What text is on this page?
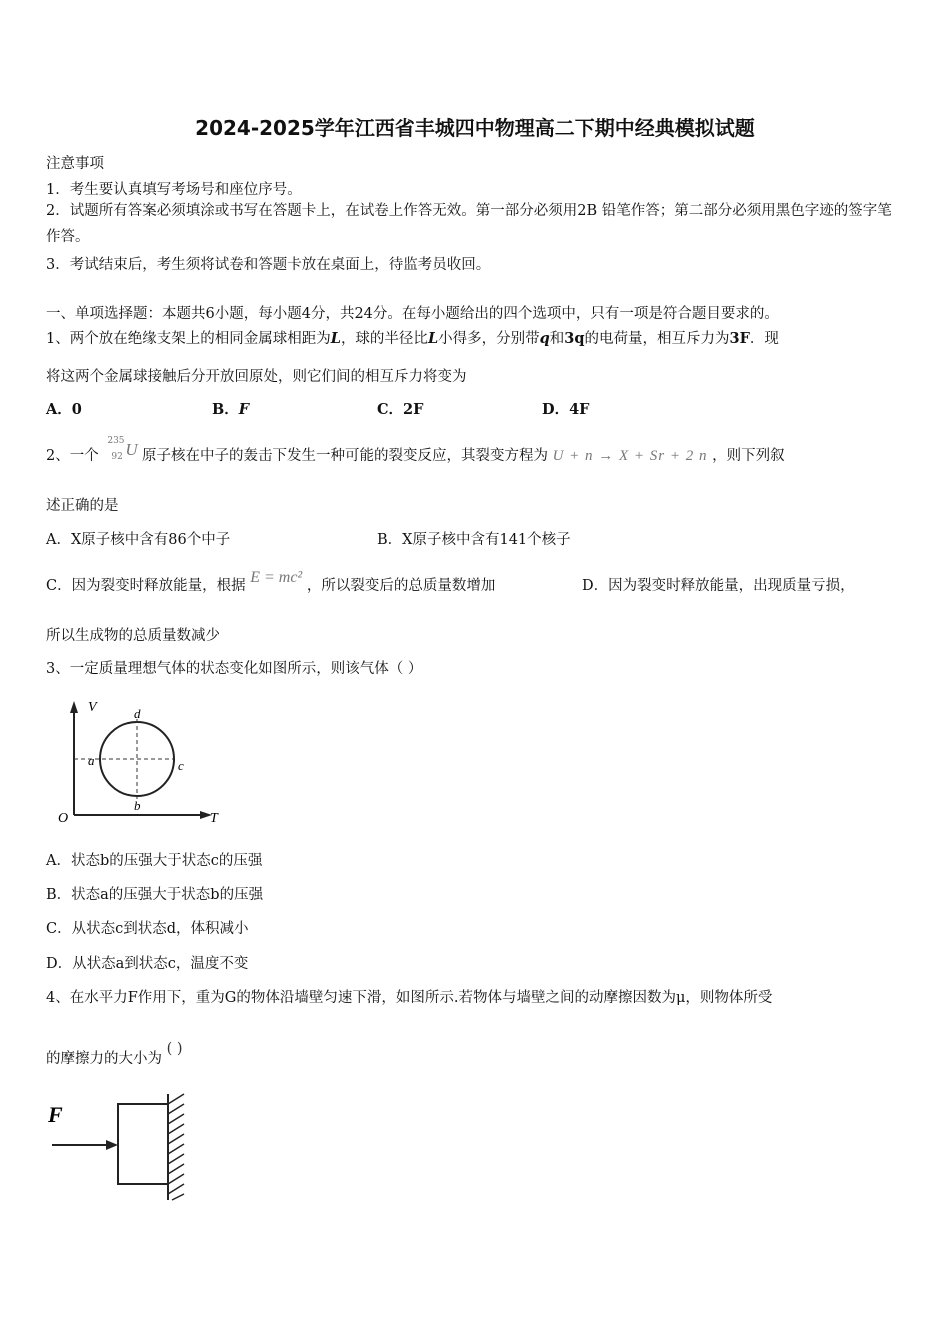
2024-2025学年江西省丰城四中物理高二下期中经典模拟试题
注意事项
1．考生要认真填写考场号和座位序号。
2．试题所有答案必须填涂或书写在答题卡上，在试卷上作答无效。第一部分必须用2B 铅笔作答；第二部分必须用黑色字迹的签字笔作答。
3．考试结束后，考生须将试卷和答题卡放在桌面上，待监考员收回。
一、单项选择题：本题共6小题，每小题4分，共24分。在每小题给出的四个选项中，只有一项是符合题目要求的。
1、两个放在绝缘支架上的相同金属球相距为L，球的半径比L小得多，分别带q和3q的电荷量，相互斥力为3F．现
将这两个金属球接触后分开放回原处，则它们间的相互斥力将变为
A．0	B．F	C．2F	D．4F
2、一个
235
92 U 原子核在中子的轰击下发生一种可能的裂变反应，其裂变方程为 U + n → X + Sr + 2 n ，则下列叙
述正确的是
A．X原子核中含有86个中子	B．X原子核中含有141个核子
C．因为裂变时释放能量，根据 E = mc² ，所以裂变后的总质量数增加	D．因为裂变时释放能量，出现质量亏损，
所以生成物的总质量数减少
3、一定质量理想气体的状态变化如图所示，则该气体（ ）
V
T
O
a
b
c
d
A．状态b的压强大于状态c的压强
B．状态a的压强大于状态b的压强
C．从状态c到状态d，体积减小
D．从状态a到状态c，温度不变
4、在水平力F作用下，重为G的物体沿墙壁匀速下滑，如图所示.若物体与墙壁之间的动摩擦因数为μ，则物体所受
的摩擦力的大小为 ( )
F
